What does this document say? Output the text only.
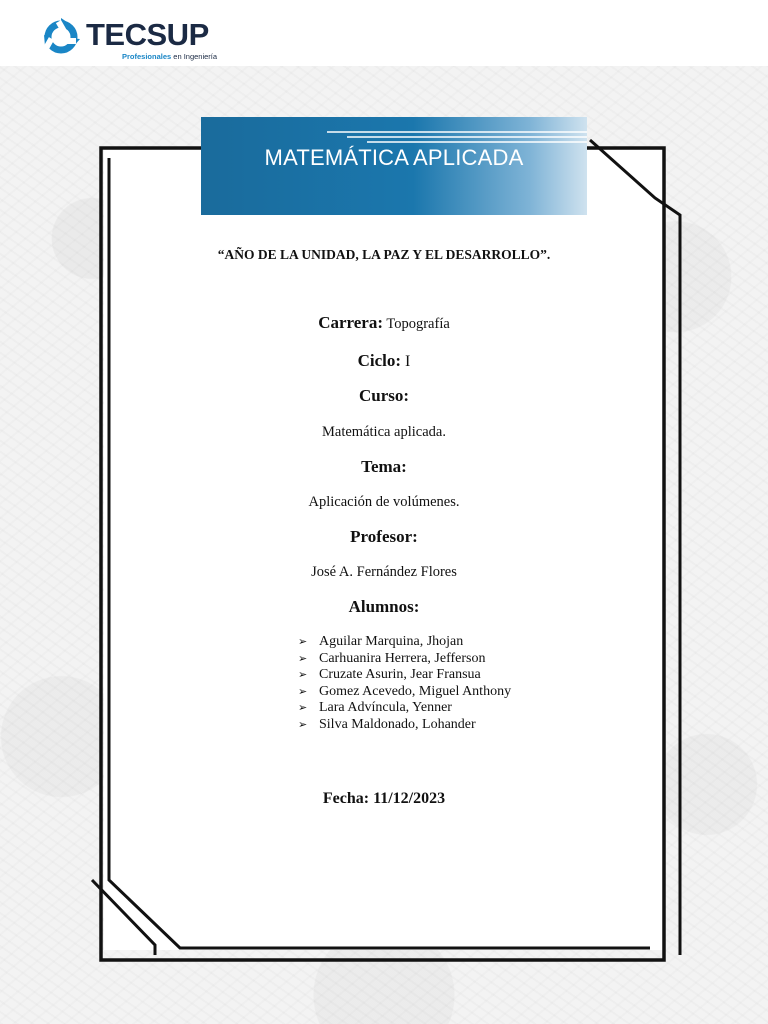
TECSUP
Profesionales en Ingeniería
MATEMÁTICA APLICADA
“AÑO DE LA UNIDAD, LA PAZ Y EL DESARROLLO”.
Carrera: Topografía
Ciclo: I
Curso:
Matemática aplicada.
Tema:
Aplicación de volúmenes.
Profesor:
José A. Fernández Flores
Alumnos:
➢ Aguilar Marquina, Jhojan
➢ Carhuanira Herrera, Jefferson
➢ Cruzate Asurin, Jear Fransua
➢ Gomez Acevedo, Miguel Anthony
➢ Lara Advíncula, Yenner
➢ Silva Maldonado, Lohander
Fecha: 11/12/2023
